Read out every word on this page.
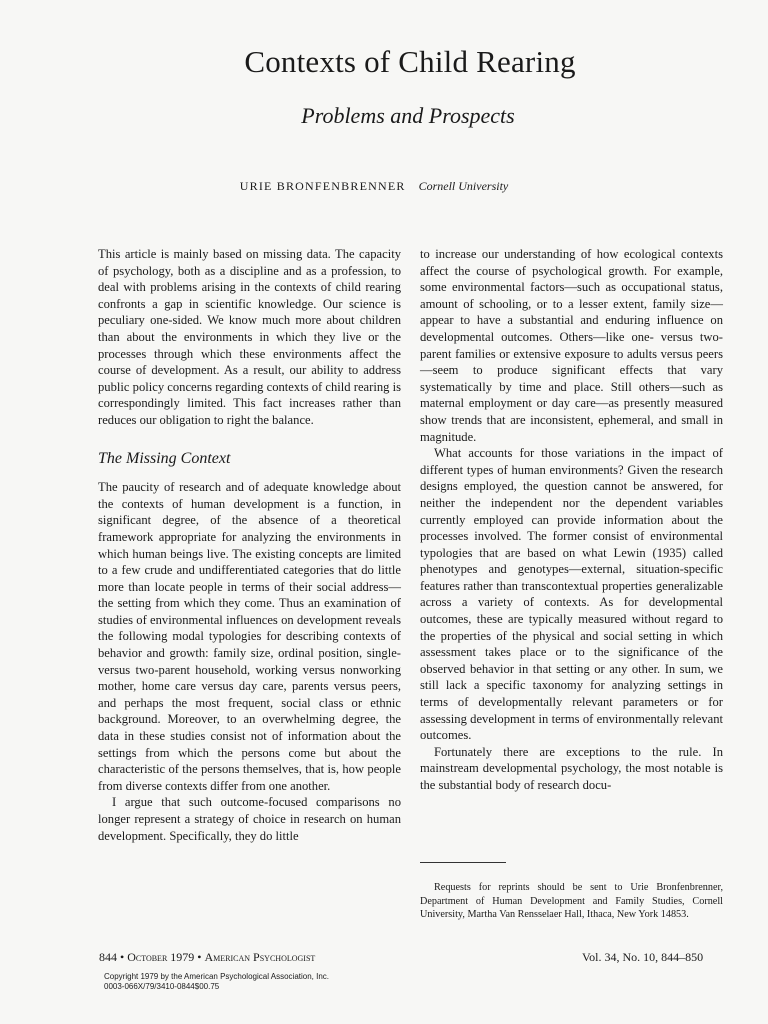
Contexts of Child Rearing
Problems and Prospects
URIE BRONFENBRENNER Cornell University

This article is mainly based on missing data. The capacity of psychology, both as a discipline and as a profession, to deal with problems arising in the contexts of child rearing confronts a gap in scientific knowledge. Our science is peculiary one-sided. We know much more about children than about the environments in which they live or the processes through which these environments affect the course of development. As a result, our ability to address public policy concerns regarding contexts of child rearing is correspondingly limited. This fact increases rather than reduces our obligation to right the balance.

The Missing Context

The paucity of research and of adequate knowledge about the contexts of human development is a function, in significant degree, of the absence of a theoretical framework appropriate for analyzing the environments in which human beings live. The existing concepts are limited to a few crude and undifferentiated categories that do little more than locate people in terms of their social address—the setting from which they come. Thus an examination of studies of environmental influences on development reveals the following modal typologies for describing contexts of behavior and growth: family size, ordinal position, single- versus two-parent household, working versus nonworking mother, home care versus day care, parents versus peers, and perhaps the most frequent, social class or ethnic background. Moreover, to an overwhelming degree, the data in these studies consist not of information about the settings from which the persons come but about the characteristic of the persons themselves, that is, how people from diverse contexts differ from one another.

I argue that such outcome-focused comparisons no longer represent a strategy of choice in research on human development. Specifically, they do little

to increase our understanding of how ecological contexts affect the course of psychological growth. For example, some environmental factors—such as occupational status, amount of schooling, or to a lesser extent, family size—appear to have a substantial and enduring influence on developmental outcomes. Others—like one- versus two-parent families or extensive exposure to adults versus peers—seem to produce significant effects that vary systematically by time and place. Still others—such as maternal employment or day care—as presently measured show trends that are inconsistent, ephemeral, and small in magnitude.

What accounts for those variations in the impact of different types of human environments? Given the research designs employed, the question cannot be answered, for neither the independent nor the dependent variables currently employed can provide information about the processes involved. The former consist of environmental typologies that are based on what Lewin (1935) called phenotypes and genotypes—external, situation-specific features rather than transcontextual properties generalizable across a variety of contexts. As for developmental outcomes, these are typically measured without regard to the properties of the physical and social setting in which assessment takes place or to the significance of the observed behavior in that setting or any other. In sum, we still lack a specific taxonomy for analyzing settings in terms of developmentally relevant parameters or for assessing development in terms of environmentally relevant outcomes.

Fortunately there are exceptions to the rule. In mainstream developmental psychology, the most notable is the substantial body of research docu-

Requests for reprints should be sent to Urie Bronfenbrenner, Department of Human Development and Family Studies, Cornell University, Martha Van Rensselaer Hall, Ithaca, New York 14853.

844 • October 1979 • American Psychologist	Vol. 34, No. 10, 844–850
Copyright 1979 by the American Psychological Association, Inc.
0003-066X/79/3410-0844$00.75
